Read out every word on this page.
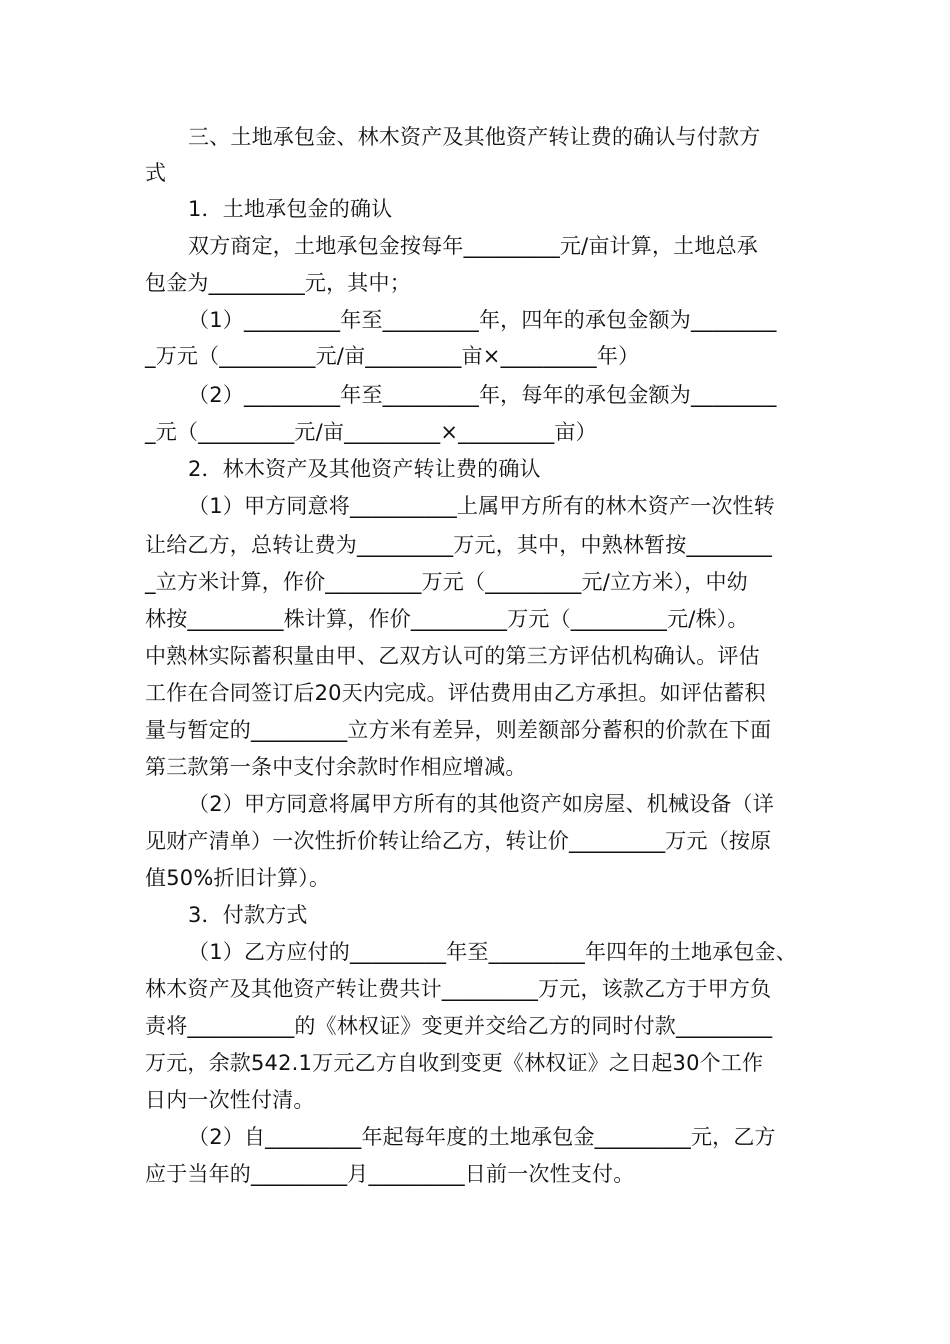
三、土地承包金、林木资产及其他资产转让费的确认与付款方
式
1．土地承包金的确认
双方商定，土地承包金按每年_________元/亩计算，土地总承
包金为_________元，其中；
（1）_________年至_________年，四年的承包金额为________
_万元（_________元/亩_________亩×_________年）
（2）_________年至_________年，每年的承包金额为________
_元（_________元/亩_________×_________亩）
2．林木资产及其他资产转让费的确认
（1）甲方同意将__________上属甲方所有的林木资产一次性转
让给乙方，总转让费为_________万元，其中，中熟林暂按________
_立方米计算，作价_________万元（_________元/立方米），中幼
林按_________株计算，作价_________万元（_________元/株）。
中熟林实际蓄积量由甲、乙双方认可的第三方评估机构确认。评估
工作在合同签订后20天内完成。评估费用由乙方承担。如评估蓄积
量与暂定的_________立方米有差异，则差额部分蓄积的价款在下面
第三款第一条中支付余款时作相应增减。
（2）甲方同意将属甲方所有的其他资产如房屋、机械设备（详
见财产清单）一次性折价转让给乙方，转让价_________万元（按原
值50%折旧计算）。
3．付款方式
（1）乙方应付的_________年至_________年四年的土地承包金、
林木资产及其他资产转让费共计_________万元，该款乙方于甲方负
责将__________的《林权证》变更并交给乙方的同时付款_________
万元，余款542.1万元乙方自收到变更《林权证》之日起30个工作
日内一次性付清。
（2）自_________年起每年度的土地承包金_________元，乙方
应于当年的_________月_________日前一次性支付。
